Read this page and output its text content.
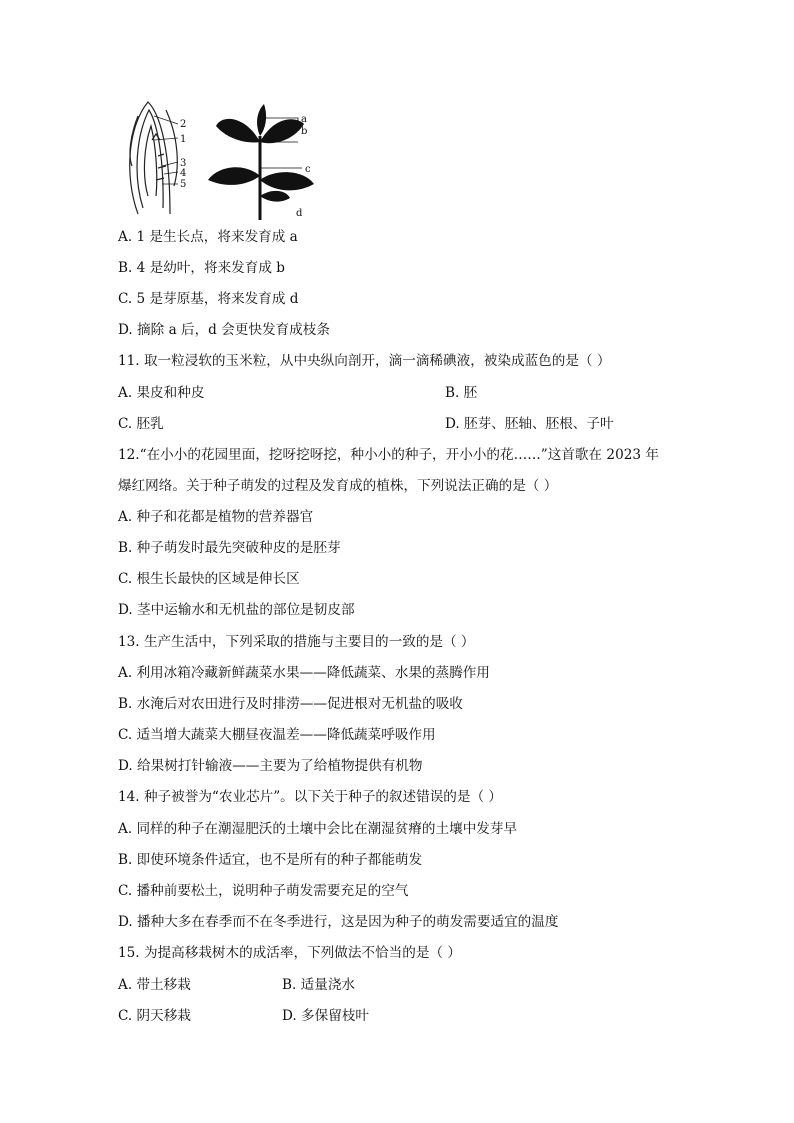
2
1
3
4
5
a
b
c
d
A. 1 是生长点，将来发育成 a
B. 4 是幼叶，将来发育成 b
C. 5 是芽原基，将来发育成 d
D. 摘除 a 后，d 会更快发育成枝条
11. 取一粒浸软的玉米粒，从中央纵向剖开，滴一滴稀碘液，被染成蓝色的是（ ）
A. 果皮和种皮	B. 胚
C. 胚乳	D. 胚芽、胚轴、胚根、子叶
12.“在小小的花园里面，挖呀挖呀挖，种小小的种子，开小小的花……”这首歌在 2023 年
爆红网络。关于种子萌发的过程及发育成的植株，下列说法正确的是（ ）
A. 种子和花都是植物的营养器官
B. 种子萌发时最先突破种皮的是胚芽
C. 根生长最快的区域是伸长区
D. 茎中运输水和无机盐的部位是韧皮部
13. 生产生活中，下列采取的措施与主要目的一致的是（ ）
A. 利用冰箱冷藏新鲜蔬菜水果——降低蔬菜、水果的蒸腾作用
B. 水淹后对农田进行及时排涝——促进根对无机盐的吸收
C. 适当增大蔬菜大棚昼夜温差——降低蔬菜呼吸作用
D. 给果树打针输液——主要为了给植物提供有机物
14. 种子被誉为“农业芯片”。以下关于种子的叙述错误的是（ ）
A. 同样的种子在潮湿肥沃的土壤中会比在潮湿贫瘠的土壤中发芽早
B. 即使环境条件适宜，也不是所有的种子都能萌发
C. 播种前要松土，说明种子萌发需要充足的空气
D. 播种大多在春季而不在冬季进行，这是因为种子的萌发需要适宜的温度
15. 为提高移栽树木的成活率，下列做法不恰当的是（ ）
A. 带土移栽	B. 适量浇水
C. 阴天移栽	D. 多保留枝叶
